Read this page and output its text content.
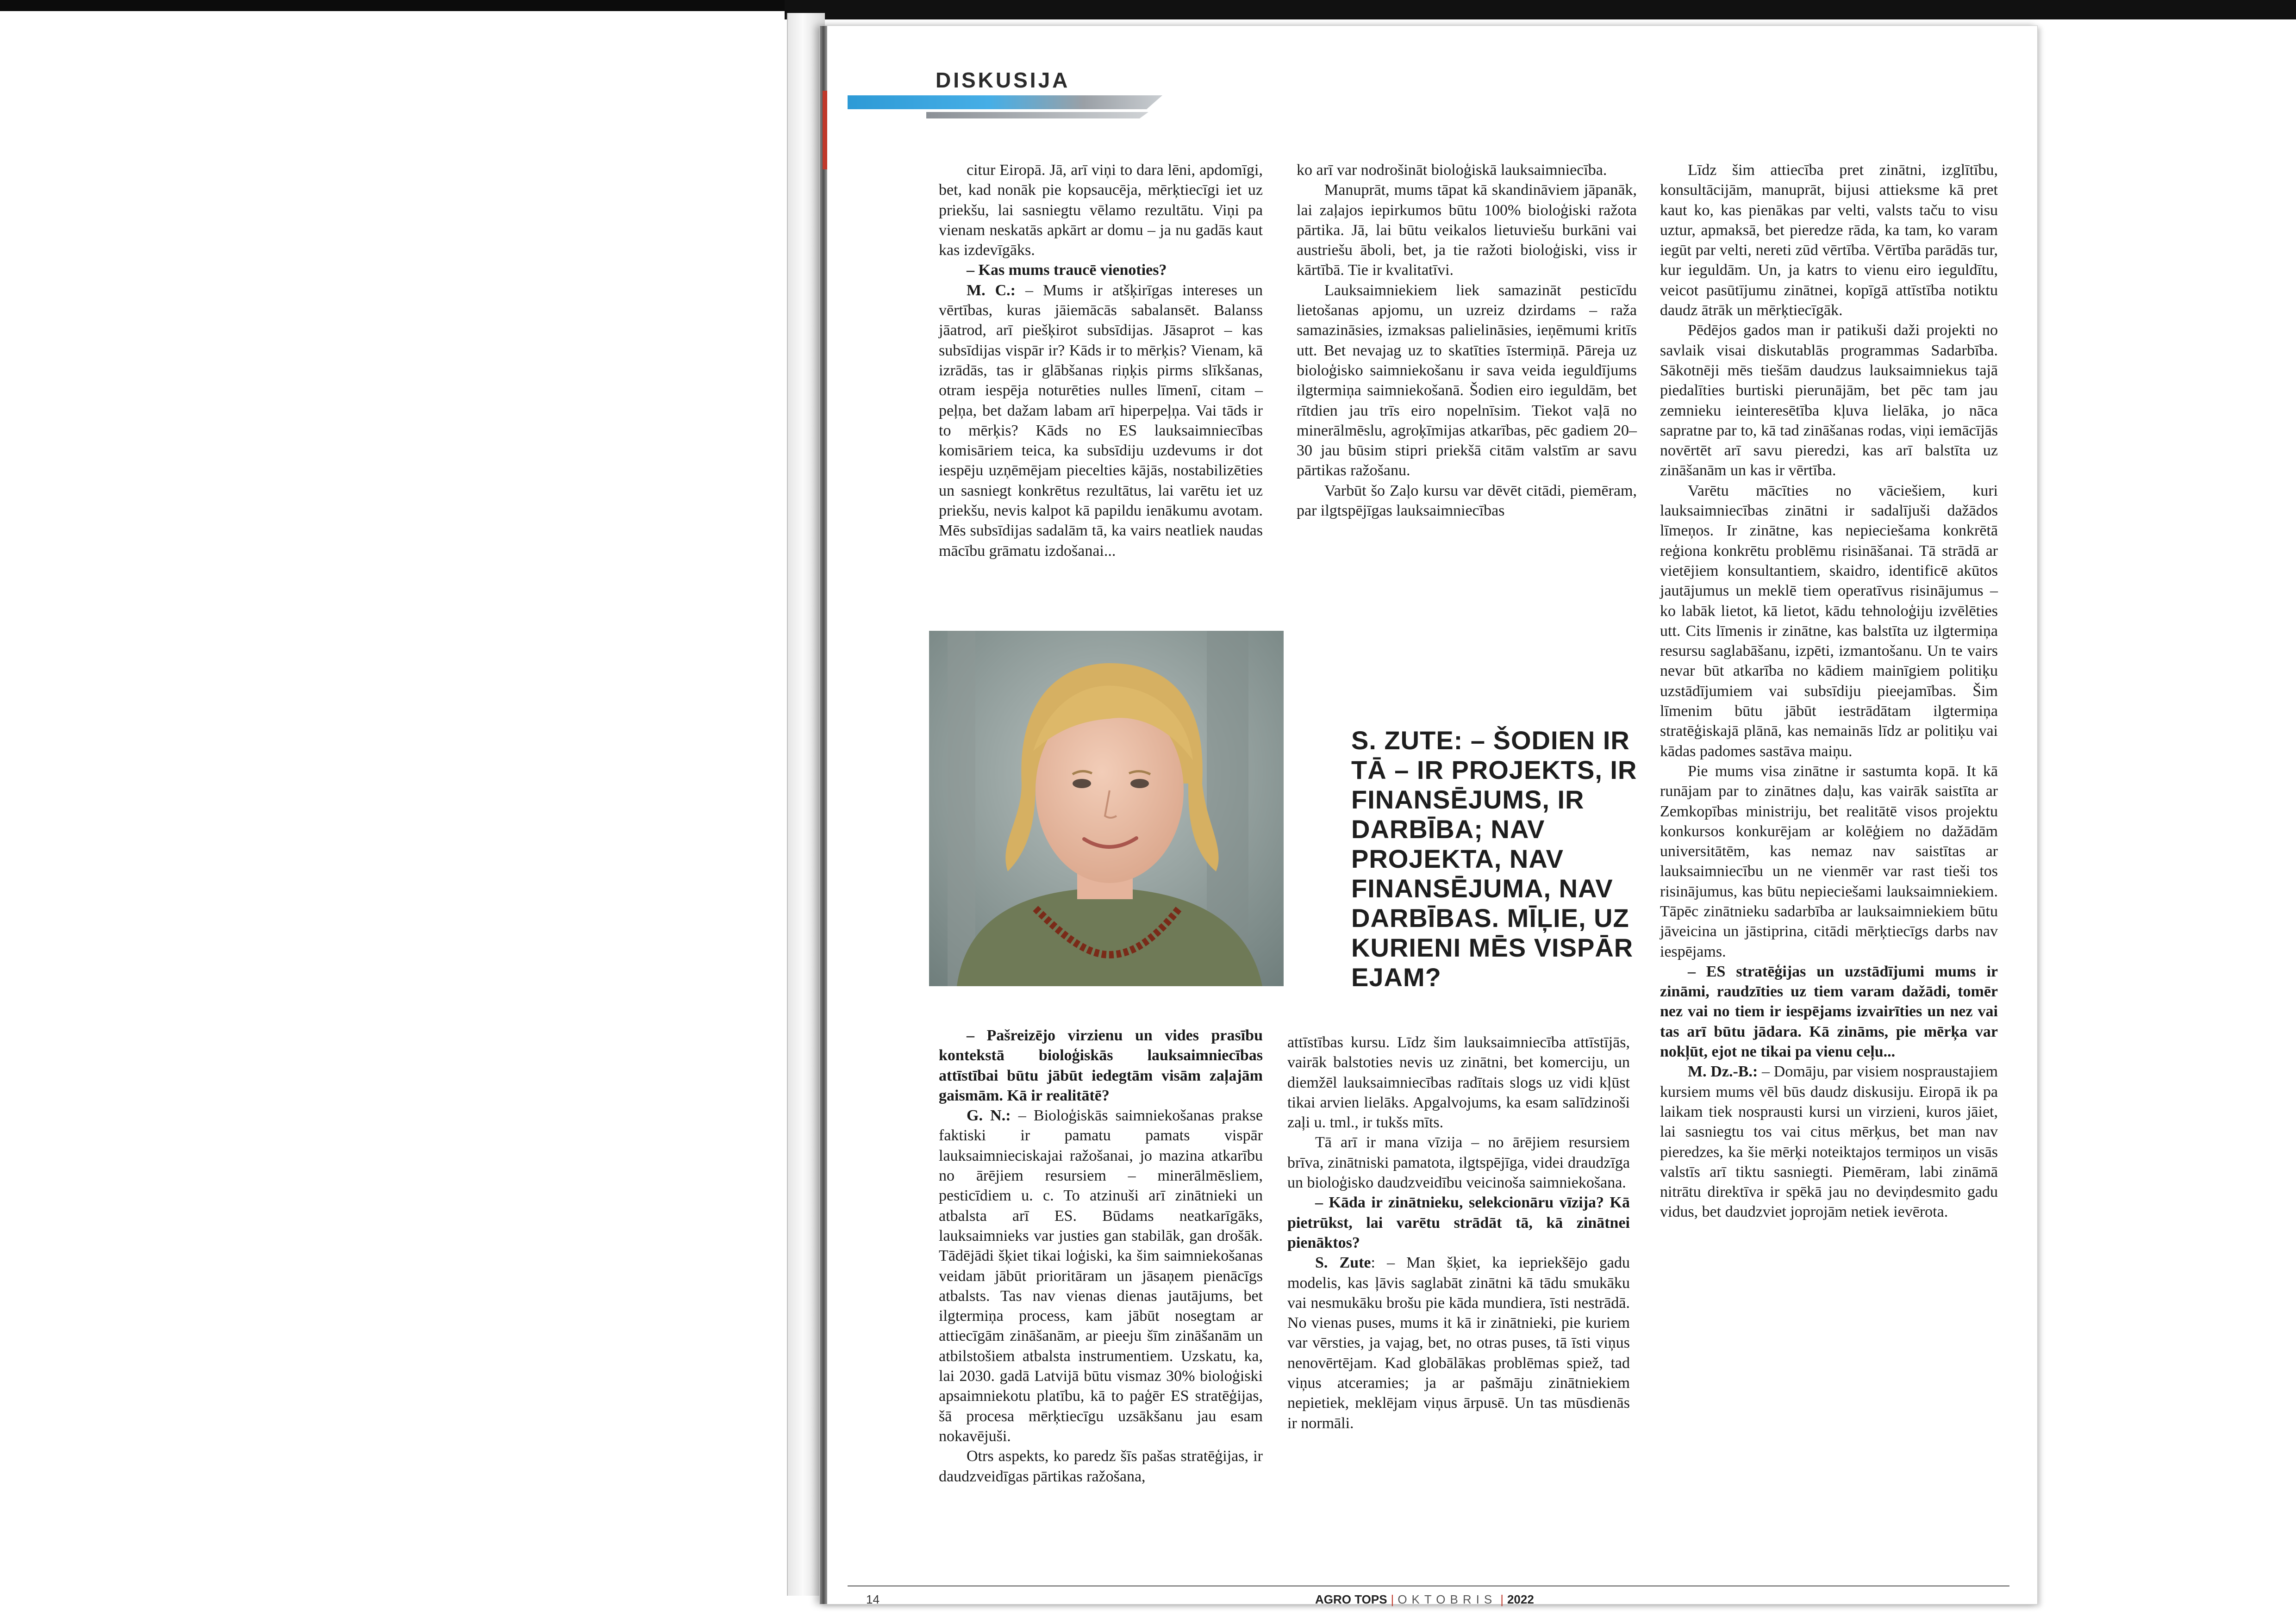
DISKUSIJA

citur Eiropā. Jā, arī viņi to dara lēni, apdomīgi, bet, kad nonāk pie kopsaucēja, mērķtiecīgi iet uz priekšu, lai sasniegtu vēlamo rezultātu. Viņi pa vienam neskatās apkārt ar domu – ja nu gadās kaut kas izdevīgāks.

– Kas mums traucē vienoties?

M. C.: – Mums ir atšķirīgas intereses un vērtības, kuras jāiemācās sabalansēt. Balanss jāatrod, arī piešķirot subsīdijas. Jāsaprot – kas subsīdijas vispār ir? Kāds ir to mērķis? Vienam, kā izrādās, tas ir glābšanas riņķis pirms slīkšanas, otram iespēja noturēties nulles līmenī, citam – peļņa, bet dažam labam arī hiperpeļņa. Vai tāds ir to mērķis? Kāds no ES lauksaimniecības komisāriem teica, ka subsīdiju uzdevums ir dot iespēju uzņēmējam piecelties kājās, nostabilizēties un sasniegt konkrētus rezultātus, lai varētu iet uz priekšu, nevis kalpot kā papildu ienākumu avotam. Mēs subsīdijas sadalām tā, ka vairs neatliek naudas mācību grāmatu izdošanai...

ko arī var nodrošināt bioloģiskā lauksaimniecība.

Manuprāt, mums tāpat kā skandināviem jāpanāk, lai zaļajos iepirkumos būtu 100% bioloģiski ražota pārtika. Jā, lai būtu veikalos lietuviešu burkāni vai austriešu āboli, bet, ja tie ražoti bioloģiski, viss ir kārtībā. Tie ir kvalitatīvi.

Lauksaimniekiem liek samazināt pesticīdu lietošanas apjomu, un uzreiz dzirdams – raža samazināsies, izmaksas palielināsies, ieņēmumi kritīs utt. Bet nevajag uz to skatīties īstermiņā. Pāreja uz bioloģisko saimniekošanu ir sava veida ieguldījums ilgtermiņa saimniekošanā. Šodien eiro ieguldām, bet rītdien jau trīs eiro nopelnīsim. Tiekot vaļā no minerālmēslu, agroķīmijas atkarības, pēc gadiem 20–30 jau būsim stipri priekšā citām valstīm ar savu pārtikas ražošanu.

Varbūt šo Zaļo kursu var dēvēt citādi, piemēram, par ilgtspējīgas lauksaimniecības

Līdz šim attiecība pret zinātni, izglītību, konsultācijām, manuprāt, bijusi attieksme kā pret kaut ko, kas pienākas par velti, valsts taču to visu uztur, apmaksā, bet pieredze rāda, ka tam, ko varam iegūt par velti, nereti zūd vērtība. Vērtība parādās tur, kur ieguldām. Un, ja katrs to vienu eiro ieguldītu, veicot pasūtījumu zinātnei, kopīgā attīstība notiktu daudz ātrāk un mērķtiecīgāk.

Pēdējos gados man ir patikuši daži projekti no savlaik visai diskutablās programmas Sadarbība. Sākotnēji mēs tiešām daudzus lauksaimniekus tajā piedalīties burtiski pierunājām, bet pēc tam jau zemnieku ieinteresētība kļuva lielāka, jo nāca sapratne par to, kā tad zināšanas rodas, viņi iemācījās novērtēt arī savu pieredzi, kas arī balstīta uz zināšanām un kas ir vērtība.

Varētu mācīties no vāciešiem, kuri lauksaimniecības zinātni ir sadalījuši dažādos līmeņos. Ir zinātne, kas nepieciešama konkrētā reģiona konkrētu problēmu risināšanai. Tā strādā ar vietējiem konsultantiem, skaidro, identificē akūtos jautājumus un meklē tiem operatīvus risinājumus – ko labāk lietot, kā lietot, kādu tehnoloģiju izvēlēties utt. Cits līmenis ir zinātne, kas balstīta uz ilgtermiņa resursu saglabāšanu, izpēti, izmantošanu. Un te vairs nevar būt atkarība no kādiem mainīgiem politiķu uzstādījumiem vai subsīdiju pieejamības. Šim līmenim būtu jābūt iestrādātam ilgtermiņa stratēģiskajā plānā, kas nemainās līdz ar politiķu vai kādas padomes sastāva maiņu.

Pie mums visa zinātne ir sastumta kopā. It kā runājam par to zinātnes daļu, kas vairāk saistīta ar Zemkopības ministriju, bet realitātē visos projektu konkursos konkurējam ar kolēģiem no dažādām universitātēm, kas nemaz nav saistītas ar lauksaimniecību un ne vienmēr var rast tieši tos risinājumus, kas būtu nepieciešami lauksaimniekiem. Tāpēc zinātnieku sadarbība ar lauksaimniekiem būtu jāveicina un jāstiprina, citādi mērķtiecīgs darbs nav iespējams.

– ES stratēģijas un uzstādījumi mums ir zināmi, raudzīties uz tiem varam dažādi, tomēr nez vai no tiem ir iespējams izvairīties un nez vai tas arī būtu jādara. Kā zināms, pie mērķa var nokļūt, ejot ne tikai pa vienu ceļu...

M. Dz.-B.: – Domāju, par visiem nospraustajiem kursiem mums vēl būs daudz diskusiju. Eiropā ik pa laikam tiek nosprausti kursi un virzieni, kuros jāiet, lai sasniegtu tos vai citus mērķus, bet man nav pieredzes, ka šie mērķi noteiktajos termiņos un visās valstīs arī tiktu sasniegti. Piemēram, labi zināmā nitrātu direktīva ir spēkā jau no deviņdesmito gadu vidus, bet daudzviet joprojām netiek ievērota.

S. ZUTE: – ŠODIEN IR TĀ – IR PROJEKTS, IR FINANSĒJUMS, IR DARBĪBA; NAV PROJEKTA, NAV FINANSĒJUMA, NAV DARBĪBAS. MĪĻIE, UZ KURIENI MĒS VISPĀR EJAM?

– Pašreizējo virzienu un vides prasību kontekstā bioloģiskās lauksaimniecības attīstībai būtu jābūt iedegtām visām zaļajām gaismām. Kā ir realitātē?

G. N.: – Bioloģiskās saimniekošanas prakse faktiski ir pamatu pamats vispār lauksaimnieciskajai ražošanai, jo mazina atkarību no ārējiem resursiem – minerālmēsliem, pesticīdiem u. c. To atzinuši arī zinātnieki un atbalsta arī ES. Būdams neatkarīgāks, lauksaimnieks var justies gan stabilāk, gan drošāk. Tādējādi šķiet tikai loģiski, ka šim saimniekošanas veidam jābūt prioritāram un jāsaņem pienācīgs atbalsts. Tas nav vienas dienas jautājums, bet ilgtermiņa process, kam jābūt nosegtam ar attiecīgām zināšanām, ar pieeju šīm zināšanām un atbilstošiem atbalsta instrumentiem. Uzskatu, ka, lai 2030. gadā Latvijā būtu vismaz 30% bioloģiski apsaimniekotu platību, kā to paģēr ES stratēģijas, šā procesa mērķtiecīgu uzsākšanu jau esam nokavējuši.

Otrs aspekts, ko paredz šīs pašas stratēģijas, ir daudzveidīgas pārtikas ražošana,

attīstības kursu. Līdz šim lauksaimniecība attīstījās, vairāk balstoties nevis uz zinātni, bet komerciju, un diemžēl lauksaimniecības radītais slogs uz vidi kļūst tikai arvien lielāks. Apgalvojums, ka esam salīdzinoši zaļi u. tml., ir tukšs mīts.

Tā arī ir mana vīzija – no ārējiem resursiem brīva, zinātniski pamatota, ilgtspējīga, videi draudzīga un bioloģisko daudzveidību veicinoša saimniekošana.

– Kāda ir zinātnieku, selekcionāru vīzija? Kā pietrūkst, lai varētu strādāt tā, kā zinātnei pienāktos?

S. Zute: – Man šķiet, ka iepriekšējo gadu modelis, kas ļāvis saglabāt zinātni kā tādu smukāku vai nesmukāku brošu pie kāda mundiera, īsti nestrādā. No vienas puses, mums it kā ir zinātnieki, pie kuriem var vērsties, ja vajag, bet, no otras puses, tā īsti viņus nenovērtējam. Kad globālākas problēmas spiež, tad viņus atceramies; ja ar pašmāju zinātniekiem nepietiek, meklējam viņus ārpusē. Un tas mūsdienās ir normāli.

14	AGRO TOPS | OKTOBRIS | 2022
